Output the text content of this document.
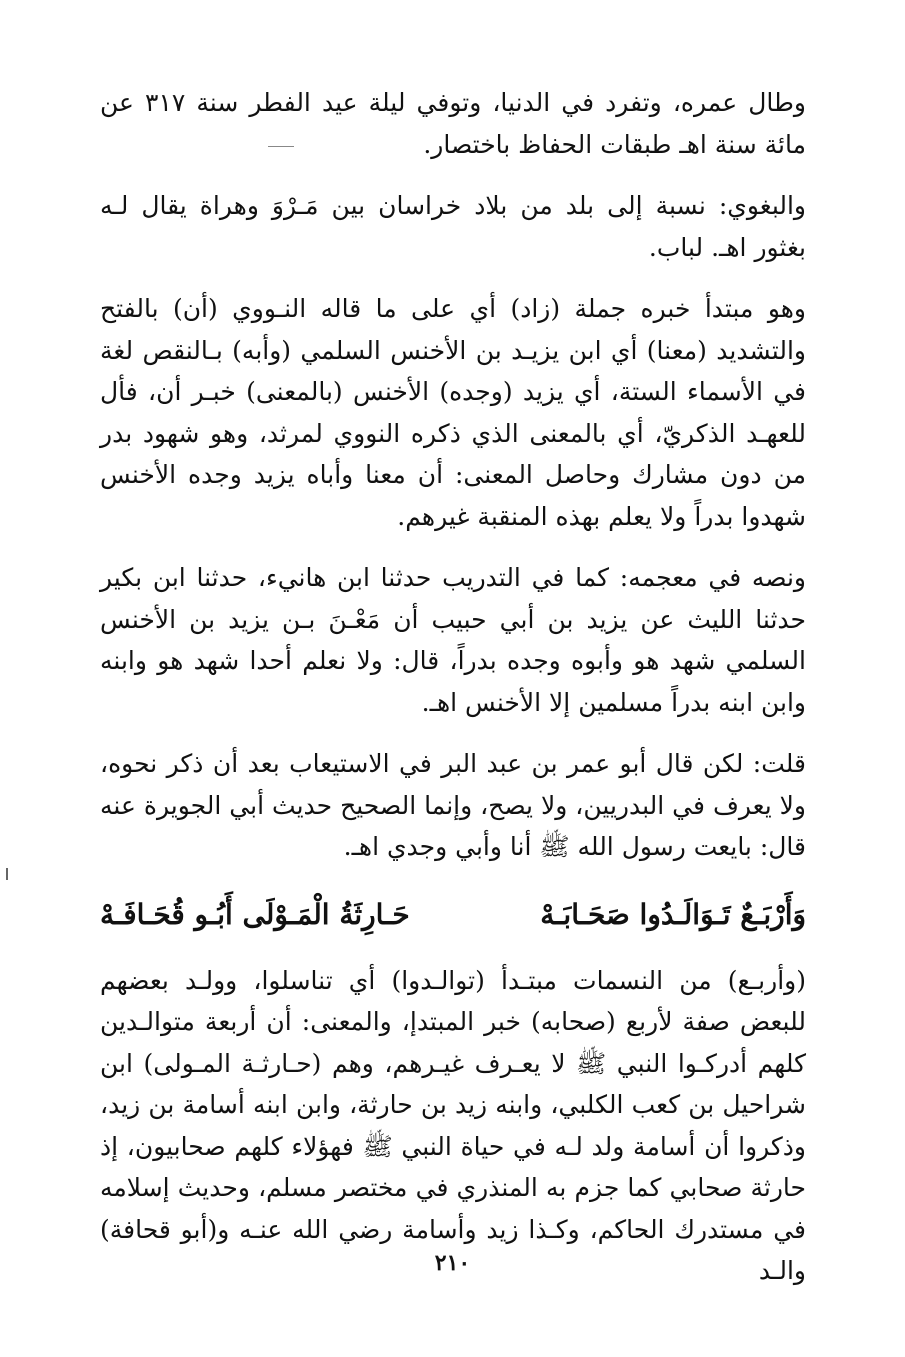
وطال عمره، وتفرد في الدنيا، وتوفي ليلة عيد الفطر سنة ٣١٧ عن مائة سنة اهـ طبقات الحفاظ باختصار.

والبغوي: نسبة إلى بلد من بلاد خراسان بين مَـرْوَ وهراة يقال لـه بغثور اهـ. لباب.

وهو مبتدأ خبره جملة (زاد) أي على ما قاله النـووي (أن) بالفتح والتشديد (معنا) أي ابن يزيـد بن الأخنس السلمي (وأبه) بـالنقص لغة في الأسماء الستة، أي يزيد (وجده) الأخنس (بالمعنى) خبـر أن، فأل للعهـد الذكريّ، أي بالمعنى الذي ذكره النووي لمرثد، وهو شهود بدر من دون مشارك وحاصل المعنى: أن معنا وأباه يزيد وجده الأخنس شهدوا بدراً ولا يعلم بهذه المنقبة غيرهم.

ونصه في معجمه: كما في التدريب حدثنا ابن هانيء، حدثنا ابن بكير حدثنا الليث عن يزيد بن أبي حبيب أن مَعْـنَ بـن يزيد بن الأخنس السلمي شهد هو وأبوه وجده بدراً، قال: ولا نعلم أحدا شهد هو وابنه وابن ابنه بدراً مسلمين إلا الأخنس اهـ.

قلت: لكن قال أبو عمر بن عبد البر في الاستيعاب بعد أن ذكر نحوه، ولا يعرف في البدريين، ولا يصح، وإنما الصحيح حديث أبي الجويرة عنه قال: بايعت رسول الله ﷺ أنا وأبي وجدي اهـ.

وَأَرْبَـعٌ تَـوَالَـدُوا صَحَـابَـهْ
حَـارِثَةُ الْمَـوْلَى أَبُـو قُحَـافَـهْ

(وأربـع) من النسمات مبتـدأ (توالـدوا) أي تناسلوا، وولـد بعضهم للبعض صفة لأربع (صحابه) خبر المبتدإ، والمعنى: أن أربعة متوالـدين كلهم أدركـوا النبي ﷺ لا يعـرف غيـرهم، وهم (حـارثـة المـولى) ابن شراحيل بن كعب الكلبي، وابنه زيد بن حارثة، وابن ابنه أسامة بن زيد، وذكروا أن أسامة ولد لـه في حياة النبي ﷺ فهؤلاء كلهم صحابيون، إذ حارثة صحابي كما جزم به المنذري في مختصر مسلم، وحديث إسلامه في مستدرك الحاكم، وكـذا زيد وأسامة رضي الله عنـه و(أبو قحافة) والـد

٢١٠
